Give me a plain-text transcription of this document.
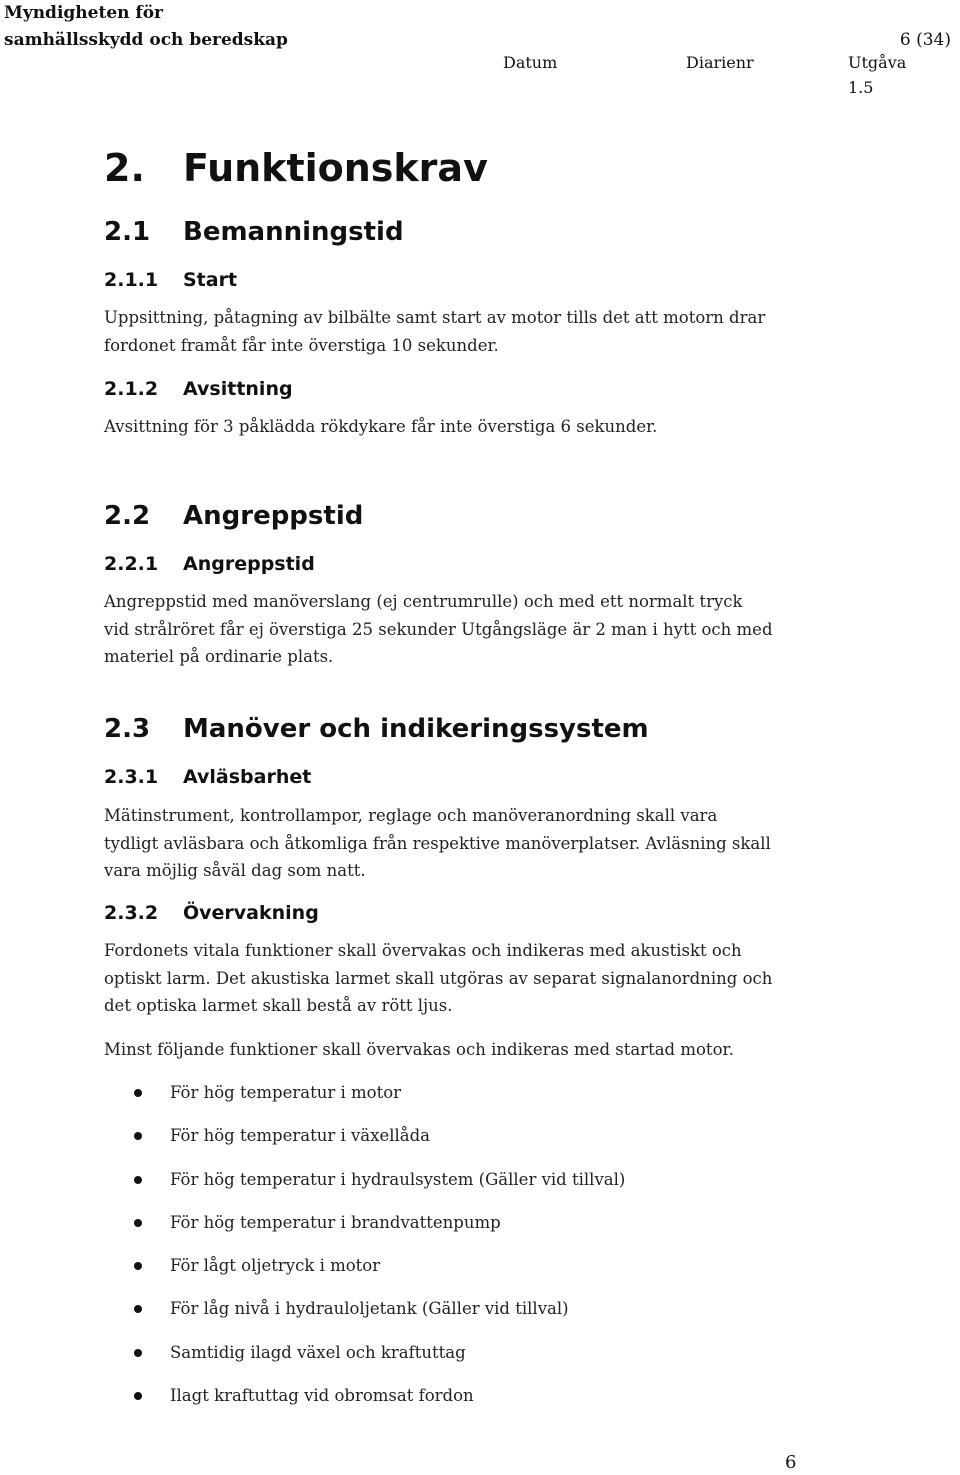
Myndigheten för
samhällsskydd och beredskap	6 (34)
Datum	Diarienr	Utgåva
1.5
2. Funktionskrav
2.1 Bemanningstid
2.1.1 Start
Uppsittning, påtagning av bilbälte samt start av motor tills det att motorn drar
fordonet framåt får inte överstiga 10 sekunder.
2.1.2 Avsittning
Avsittning för 3 påklädda rökdykare får inte överstiga 6 sekunder.
2.2 Angreppstid
2.2.1 Angreppstid
Angreppstid med manöverslang (ej centrumrulle) och med ett normalt tryck
vid strålröret får ej överstiga 25 sekunder Utgångsläge är 2 man i hytt och med
materiel på ordinarie plats.
2.3 Manöver och indikeringssystem
2.3.1 Avläsbarhet
Mätinstrument, kontrollampor, reglage och manöveranordning skall vara
tydligt avläsbara och åtkomliga från respektive manöverplatser. Avläsning skall
vara möjlig såväl dag som natt.
2.3.2 Övervakning
Fordonets vitala funktioner skall övervakas och indikeras med akustiskt och
optiskt larm. Det akustiska larmet skall utgöras av separat signalanordning och
det optiska larmet skall bestå av rött ljus.
Minst följande funktioner skall övervakas och indikeras med startad motor.
För hög temperatur i motor
För hög temperatur i växellåda
För hög temperatur i hydraulsystem (Gäller vid tillval)
För hög temperatur i brandvattenpump
För lågt oljetryck i motor
För låg nivå i hydrauloljetank (Gäller vid tillval)
Samtidig ilagd växel och kraftuttag
Ilagt kraftuttag vid obromsat fordon
6
